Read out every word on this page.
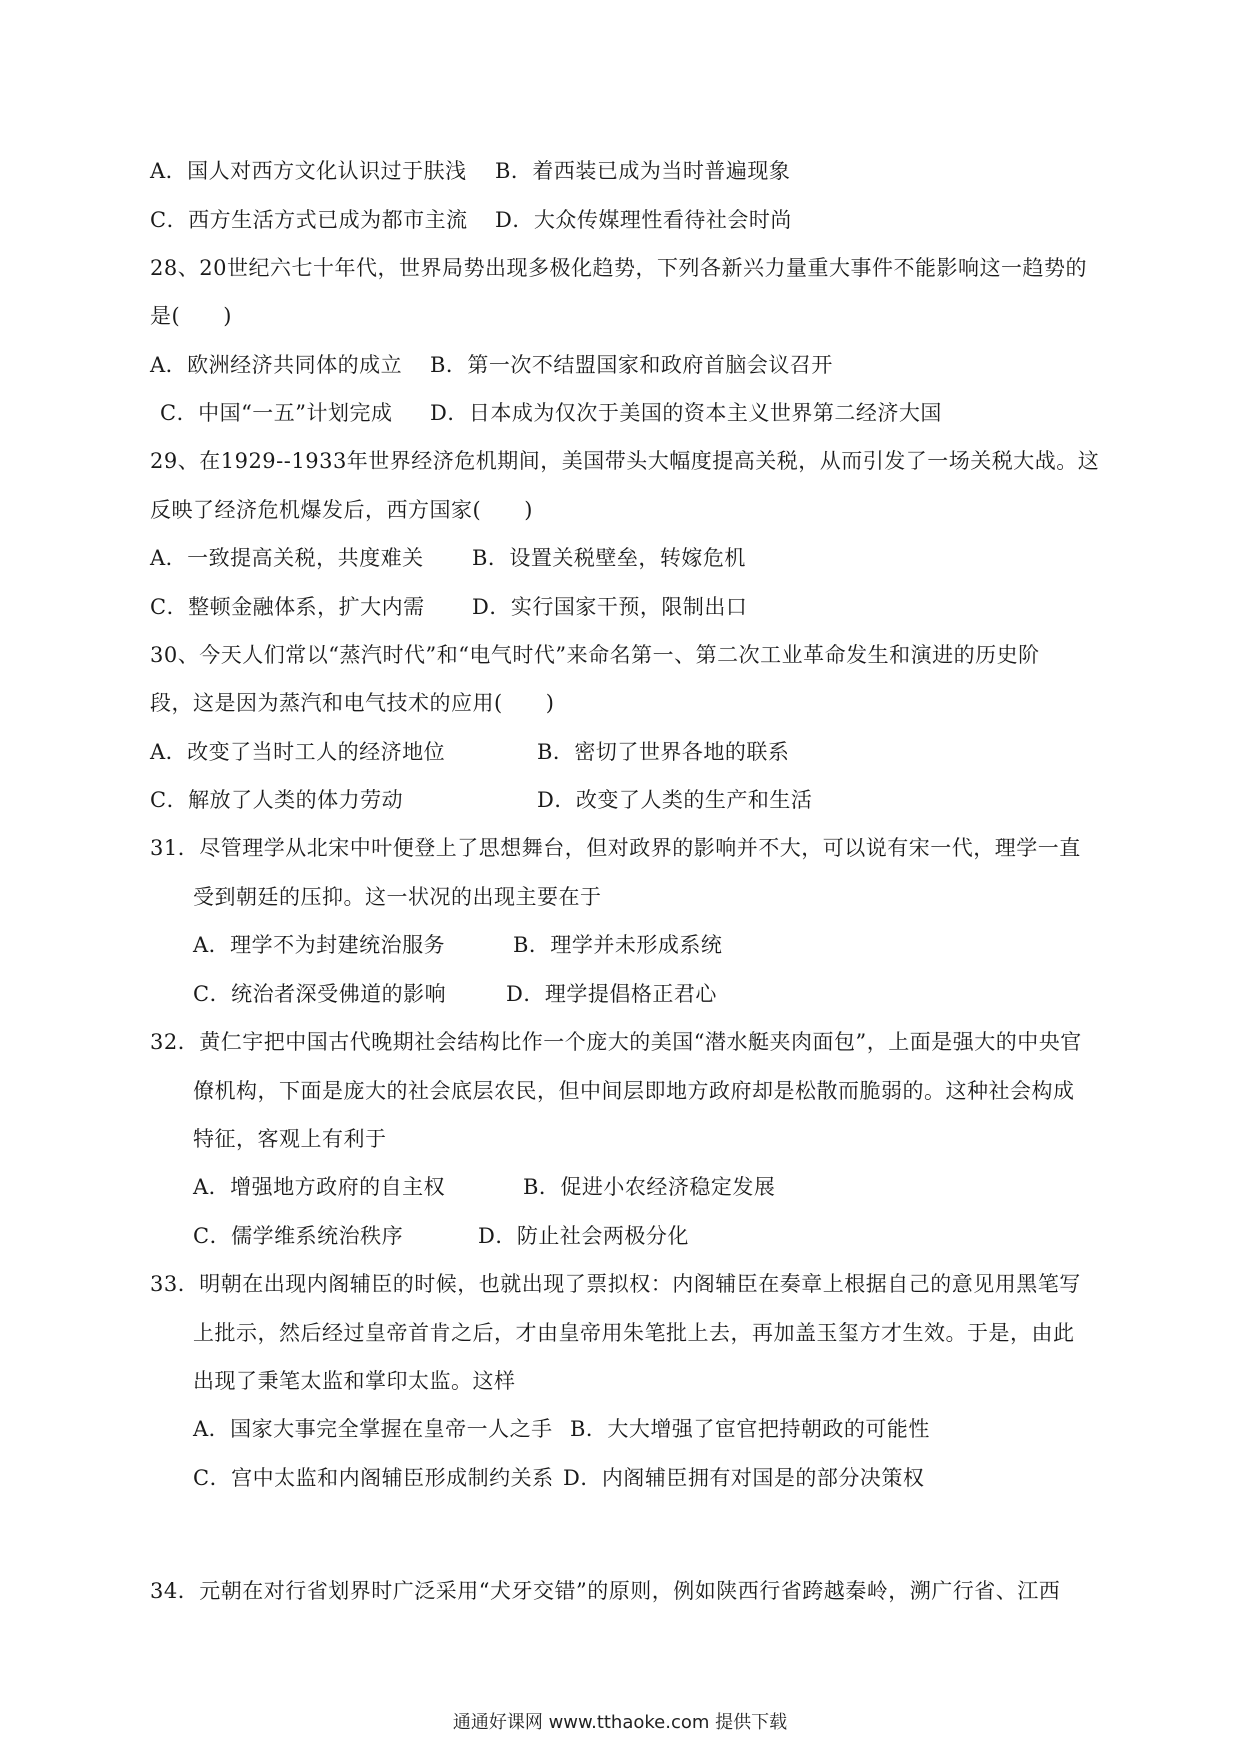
A．国人对西方文化认识过于肤浅 B．着西装已成为当时普遍现象
C．西方生活方式已成为都市主流 D．大众传媒理性看待社会时尚
28、20世纪六七十年代，世界局势出现多极化趋势，下列各新兴力量重大事件不能影响这一趋势的
是(　　)
A．欧洲经济共同体的成立 B．第一次不结盟国家和政府首脑会议召开
C．中国“一五”计划完成 D．日本成为仅次于美国的资本主义世界第二经济大国
29、在1929--1933年世界经济危机期间，美国带头大幅度提高关税，从而引发了一场关税大战。这
反映了经济危机爆发后，西方国家(　　)
A．一致提高关税，共度难关 B．设置关税壁垒，转嫁危机
C．整顿金融体系，扩大内需 D．实行国家干预，限制出口
30、今天人们常以“蒸汽时代”和“电气时代”来命名第一、第二次工业革命发生和演进的历史阶
段，这是因为蒸汽和电气技术的应用(　　)
A．改变了当时工人的经济地位	B．密切了世界各地的联系
C．解放了人类的体力劳动	D．改变了人类的生产和生活
31．尽管理学从北宋中叶便登上了思想舞台，但对政界的影响并不大，可以说有宋一代，理学一直
受到朝廷的压抑。这一状况的出现主要在于
A．理学不为封建统治服务	B．理学并未形成系统
C．统治者深受佛道的影响	D．理学提倡格正君心
32．黄仁宇把中国古代晚期社会结构比作一个庞大的美国“潜水艇夹肉面包”，上面是强大的中央官
僚机构，下面是庞大的社会底层农民，但中间层即地方政府却是松散而脆弱的。这种社会构成
特征，客观上有利于
A．增强地方政府的自主权	B．促进小农经济稳定发展
C．儒学维系统治秩序	D．防止社会两极分化
33．明朝在出现内阁辅臣的时候，也就出现了票拟权：内阁辅臣在奏章上根据自己的意见用黑笔写
上批示，然后经过皇帝首肯之后，才由皇帝用朱笔批上去，再加盖玉玺方才生效。于是，由此
出现了秉笔太监和掌印太监。这样
A．国家大事完全掌握在皇帝一人之手 B．大大增强了宦官把持朝政的可能性
C．宫中太监和内阁辅臣形成制约关系 D．内阁辅臣拥有对国是的部分决策权
34．元朝在对行省划界时广泛采用“犬牙交错”的原则，例如陕西行省跨越秦岭，溯广行省、江西
通通好课网 www.tthaoke.com 提供下载
